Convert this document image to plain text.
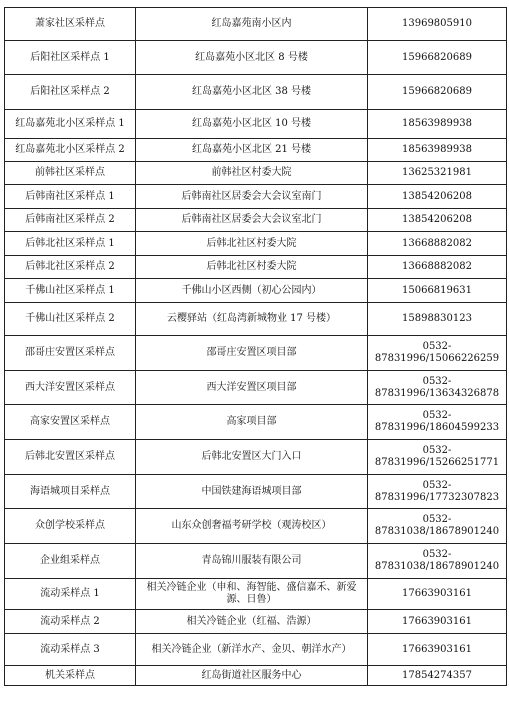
萧家社区采样点	红岛嘉苑南小区内	13969805910
后阳社区采样点 1	红岛嘉苑小区北区 8 号楼	15966820689
后阳社区采样点 2	红岛嘉苑小区北区 38 号楼	15966820689
红岛嘉苑北小区采样点 1	红岛嘉苑小区北区 10 号楼	18563989938
红岛嘉苑北小区采样点 2	红岛嘉苑小区北区 21 号楼	18563989938
前韩社区采样点	前韩社区村委大院	13625321981
后韩南社区采样点 1	后韩南社区居委会大会议室南门	13854206208
后韩南社区采样点 2	后韩南社区居委会大会议室北门	13854206208
后韩北社区采样点 1	后韩北社区村委大院	13668882082
后韩北社区采样点 2	后韩北社区村委大院	13668882082
千佛山社区采样点 1	千佛山小区西侧（初心公园内）	15066819631
千佛山社区采样点 2	云樱驿站（红岛湾新城物业 17 号楼）	15898830123
邵哥庄安置区采样点	邵哥庄安置区项目部	0532-87831996/15066226259
西大洋安置区采样点	西大洋安置区项目部	0532-87831996/13634326878
高家安置区采样点	高家项目部	0532-87831996/18604599233
后韩北安置区采样点	后韩北安置区大门入口	0532-87831996/15266251771
海语城项目采样点	中国铁建海语城项目部	0532-87831996/17732307823
众创学校采样点	山东众创奢福考研学校（观涛校区）	0532-87831038/18678901240
企业组采样点	青岛锦川服装有限公司	0532-87831038/18678901240
流动采样点 1	相关冷链企业（申和、海智能、盛信嘉禾、新爱源、日鲁）	17663903161
流动采样点 2	相关冷链企业（红福、浩源）	17663903161
流动采样点 3	相关冷链企业（新洋水产、金贝、朝洋水产）	17663903161
机关采样点	红岛街道社区服务中心	17854274357
